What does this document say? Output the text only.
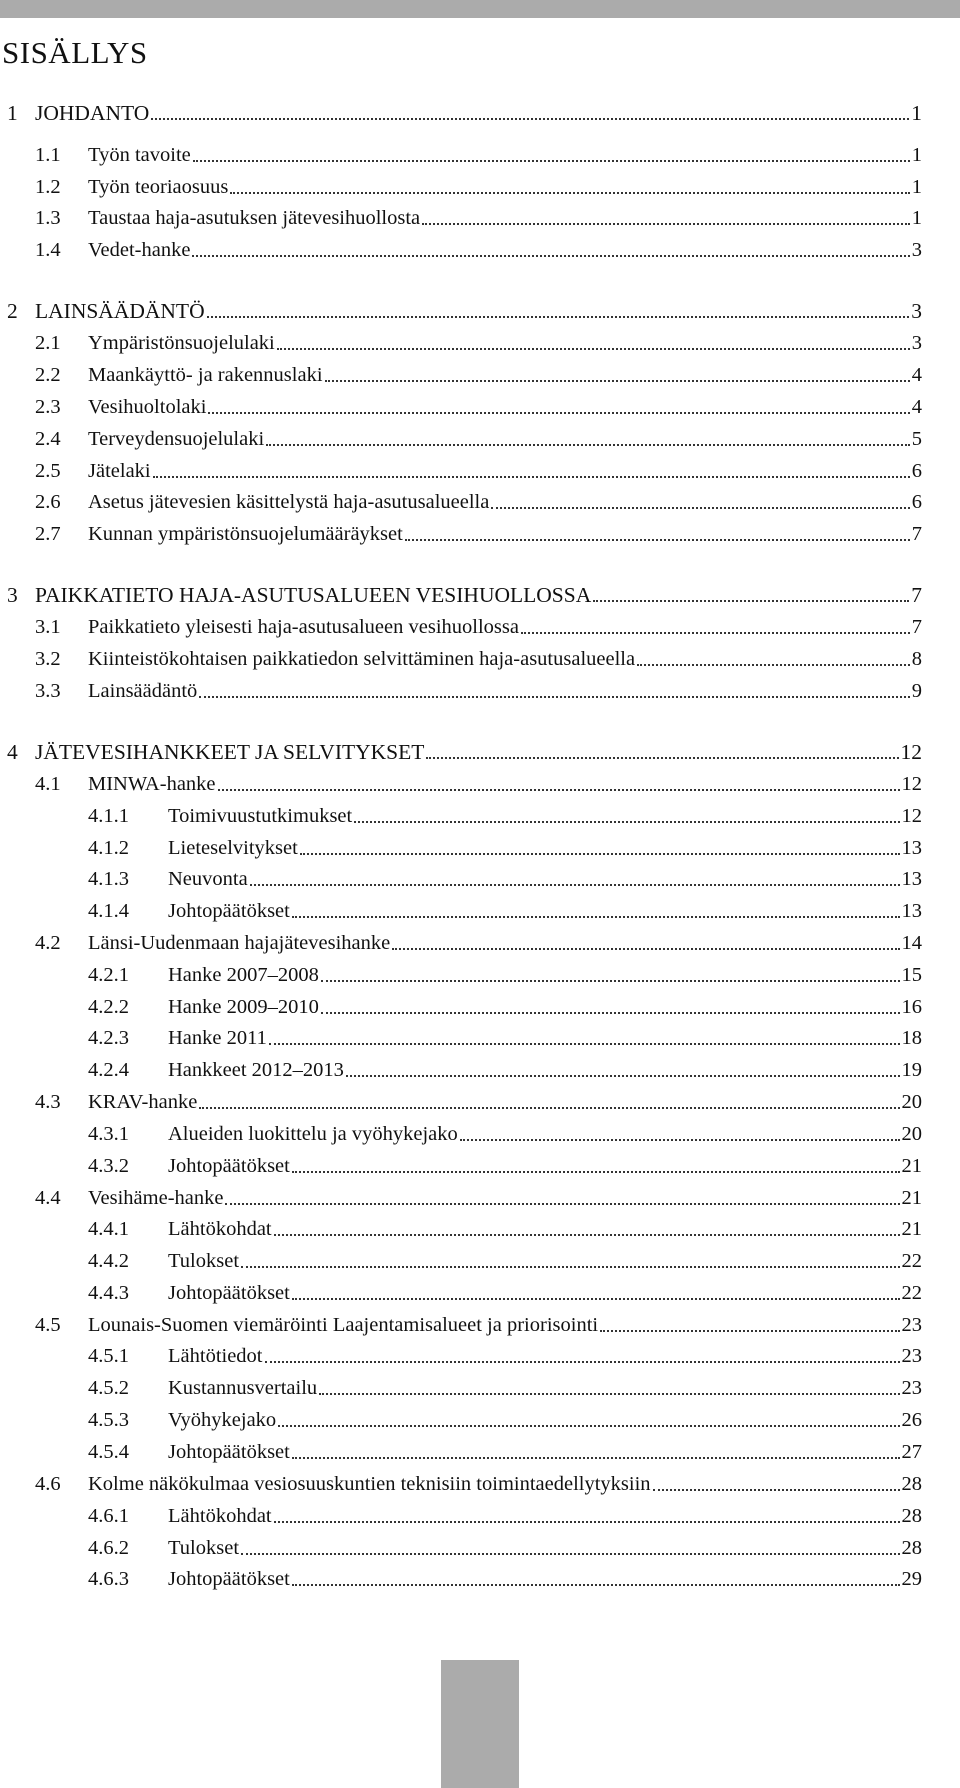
SISÄLLYS
1 JOHDANTO	1
1.1	Työn tavoite	1
1.2	Työn teoriaosuus	1
1.3	Taustaa haja-asutuksen jätevesihuollosta	1
1.4	Vedet-hanke	3
2 LAINSÄÄDÄNTÖ	3
2.1	Ympäristönsuojelulaki	3
2.2	Maankäyttö- ja rakennuslaki	4
2.3	Vesihuoltolaki	4
2.4	Terveydensuojelulaki	5
2.5	Jätelaki	6
2.6	Asetus jätevesien käsittelystä haja-asutusalueella	6
2.7	Kunnan ympäristönsuojelumääräykset	7
3 PAIKKATIETO HAJA-ASUTUSALUEEN VESIHUOLLOSSA	7
3.1	Paikkatieto yleisesti haja-asutusalueen vesihuollossa	7
3.2	Kiinteistökohtaisen paikkatiedon selvittäminen haja-asutusalueella	8
3.3	Lainsäädäntö	9
4 JÄTEVESIHANKKEET JA SELVITYKSET	12
4.1	MINWA-hanke	12
4.1.1	Toimivuustutkimukset	12
4.1.2	Lieteselvitykset	13
4.1.3	Neuvonta	13
4.1.4	Johtopäätökset	13
4.2	Länsi-Uudenmaan hajajätevesihanke	14
4.2.1	Hanke 2007–2008	15
4.2.2	Hanke 2009–2010	16
4.2.3	Hanke 2011	18
4.2.4	Hankkeet 2012–2013	19
4.3	KRAV-hanke	20
4.3.1	Alueiden luokittelu ja vyöhykejako	20
4.3.2	Johtopäätökset	21
4.4	Vesihäme-hanke	21
4.4.1	Lähtökohdat	21
4.4.2	Tulokset	22
4.4.3	Johtopäätökset	22
4.5	Lounais-Suomen viemäröinti Laajentamisalueet ja priorisointi	23
4.5.1	Lähtötiedot	23
4.5.2	Kustannusvertailu	23
4.5.3	Vyöhykejako	26
4.5.4	Johtopäätökset	27
4.6	Kolme näkökulmaa vesiosuuskuntien teknisiin toimintaedellytyksiin	28
4.6.1	Lähtökohdat	28
4.6.2	Tulokset	28
4.6.3	Johtopäätökset	29
